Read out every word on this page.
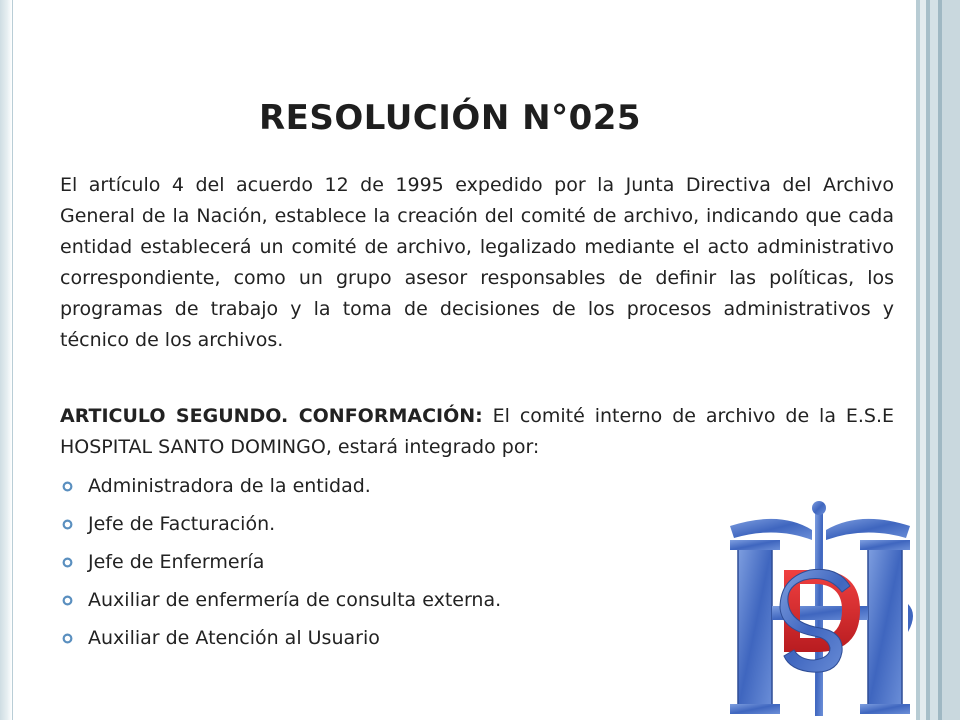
RESOLUCIÓN N°025
El artículo 4 del acuerdo 12 de 1995 expedido por la Junta Directiva del Archivo General de la Nación, establece la creación del comité de archivo, indicando que cada entidad establecerá un comité de archivo, legalizado mediante el acto administrativo correspondiente, como un grupo asesor responsables de definir las políticas, los programas de trabajo y la toma de decisiones de los procesos administrativos y técnico de los archivos.
ARTICULO SEGUNDO. CONFORMACIÓN: El comité interno de archivo de la E.S.E HOSPITAL SANTO DOMINGO, estará integrado por:
Administradora de la entidad.
Jefe de Facturación.
Jefe de Enfermería
Auxiliar de enfermería de consulta externa.
Auxiliar de Atención al Usuario
